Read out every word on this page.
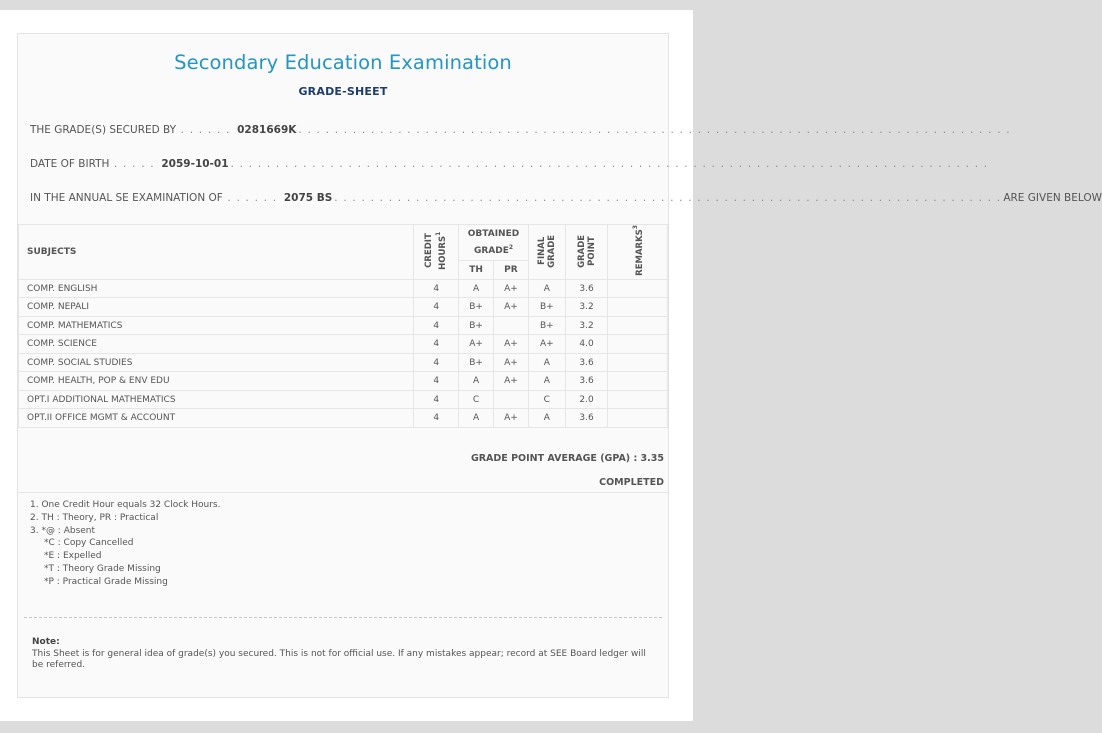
Secondary Education Examination
GRADE-SHEET
THE GRADE(S) SECURED BY . . . . . . 0281669K . . . . . . . . . . . . . . . . . . . . . . . . . . . . . . . . . . . . . . . . . . . . . . . . . . . . . . . . . . . . . . . . . . . . . . . . . . . . . . .
DATE OF BIRTH . . . . . 2059-10-01 . . . . . . . . . . . . . . . . . . . . . . . . . . . . . . . . . . . . . . . . . . . . . . . . . . . . . . . . . . . . . . . . . . . . . . . . . . . . . . . . . . . .
IN THE ANNUAL SE EXAMINATION OF . . . . . . 2075 BS . . . . . . . . . . . . . . . . . . . . . . . . . . . . . . . . . . . . . . . . . . . . . . . . . . . . . . . . . . . . . . . . . . . . . . . . . . ARE GIVEN BELOW
SUBJECTS	CREDIT HOURS$^1$	OBTAINED GRADE$^2$		FINAL GRADE	GRADE POINT	REMARKS$^3$
		TH	PR			
COMP. ENGLISH	4	A	A+	A	3.6	
COMP. NEPALI	4	B+	A+	B+	3.2	
COMP. MATHEMATICS	4	B+		B+	3.2	
COMP. SCIENCE	4	A+	A+	A+	4.0	
COMP. SOCIAL STUDIES	4	B+	A+	A	3.6	
COMP. HEALTH, POP & ENV EDU	4	A	A+	A	3.6	
OPT.I ADDITIONAL MATHEMATICS	4	C		C	2.0	
OPT.II OFFICE MGMT & ACCOUNT	4	A	A+	A	3.6	
GRADE POINT AVERAGE (GPA) : 3.35
COMPLETED
1. One Credit Hour equals 32 Clock Hours.
2. TH : Theory, PR : Practical
3. *@ : Absent
*C : Copy Cancelled
*E : Expelled
*T : Theory Grade Missing
*P : Practical Grade Missing
Note:
This Sheet is for general idea of grade(s) you secured. This is not for official use. If any mistakes appear; record at SEE Board ledger will be referred.
